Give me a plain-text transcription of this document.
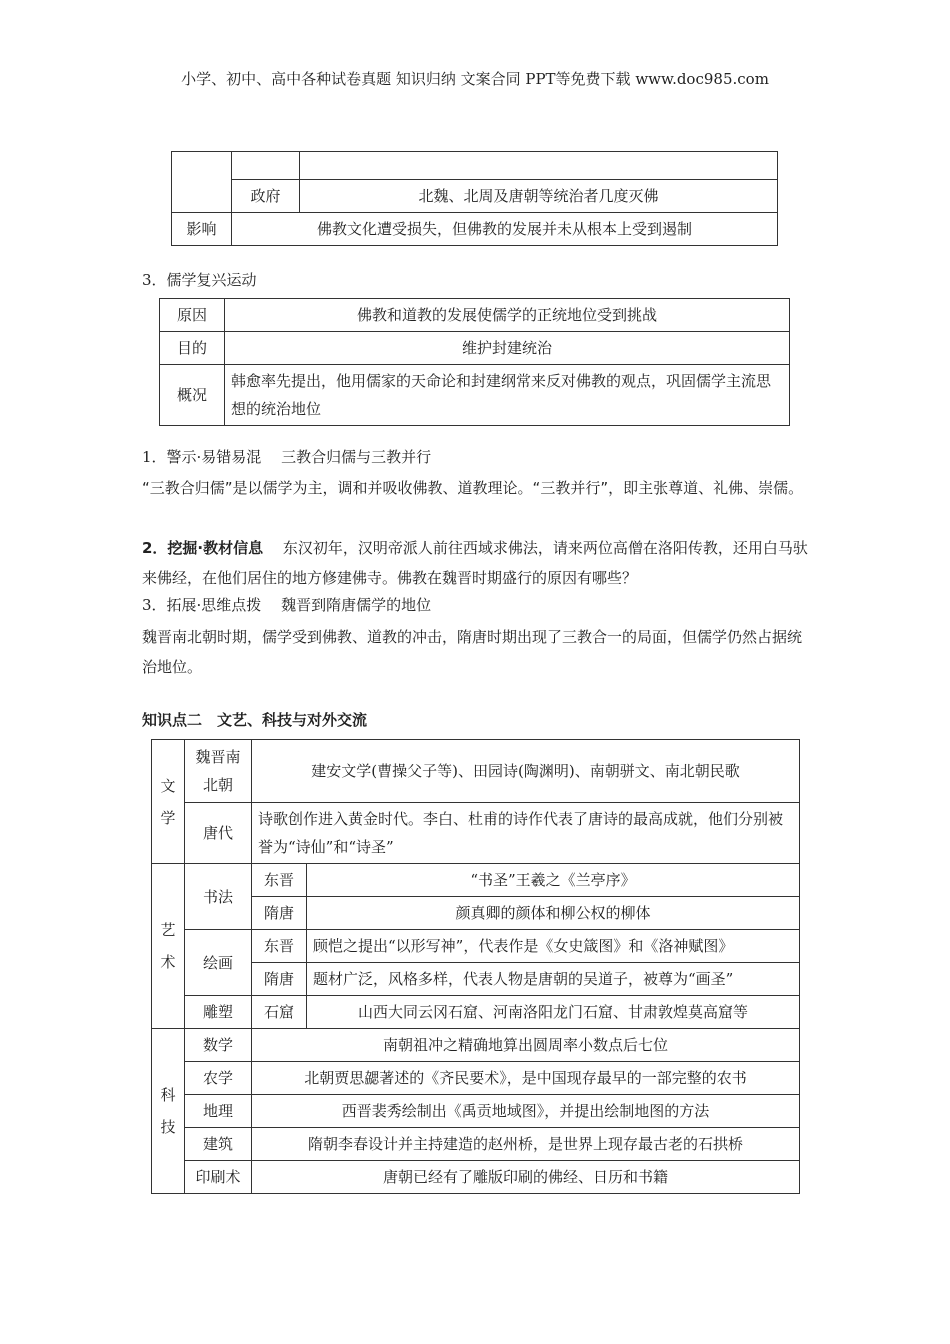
小学、初中、高中各种试卷真题 知识归纳 文案合同 PPT等免费下载 www.doc985.com

	政府	北魏、北周及唐朝等统治者几度灭佛
影响	佛教文化遭受损失，但佛教的发展并未从根本上受到遏制	
3．儒学复兴运动
原因	佛教和道教的发展使儒学的正统地位受到挑战
目的	维护封建统治
概况	韩愈率先提出，他用儒家的天命论和封建纲常来反对佛教的观点，巩固儒学主流思想的统治地位
1．警示·易错易混　 三教合归儒与三教并行
“三教合归儒”是以儒学为主，调和并吸收佛教、道教理论。“三教并行”，即主张尊道、礼佛、崇儒。
2．挖掘·教材信息　 东汉初年，汉明帝派人前往西域求佛法，请来两位高僧在洛阳传教，还用白马驮来佛经，在他们居住的地方修建佛寺。佛教在魏晋时期盛行的原因有哪些？
3．拓展·思维点拨　 魏晋到隋唐儒学的地位
魏晋南北朝时期，儒学受到佛教、道教的冲击，隋唐时期出现了三教合一的局面，但儒学仍然占据统治地位。
知识点二　文艺、科技与对外交流
文学	魏晋南北朝	建安文学(曹操父子等)、田园诗(陶渊明)、南朝骈文、南北朝民歌	
	唐代	诗歌创作进入黄金时代。李白、杜甫的诗作代表了唐诗的最高成就，他们分别被誉为“诗仙”和“诗圣”	
艺术	书法	东晋	“书圣”王羲之《兰亭序》
		隋唐	颜真卿的颜体和柳公权的柳体
	绘画	东晋	顾恺之提出“以形写神”，代表作是《女史箴图》和《洛神赋图》
		隋唐	题材广泛，风格多样，代表人物是唐朝的吴道子，被尊为“画圣”
	雕塑	石窟	山西大同云冈石窟、河南洛阳龙门石窟、甘肃敦煌莫高窟等
科技	数学	南朝祖冲之精确地算出圆周率小数点后七位	
	农学	北朝贾思勰著述的《齐民要术》，是中国现存最早的一部完整的农书	
	地理	西晋裴秀绘制出《禹贡地域图》，并提出绘制地图的方法	
	建筑	隋朝李春设计并主持建造的赵州桥，是世界上现存最古老的石拱桥	
	印刷术	唐朝已经有了雕版印刷的佛经、日历和书籍	
